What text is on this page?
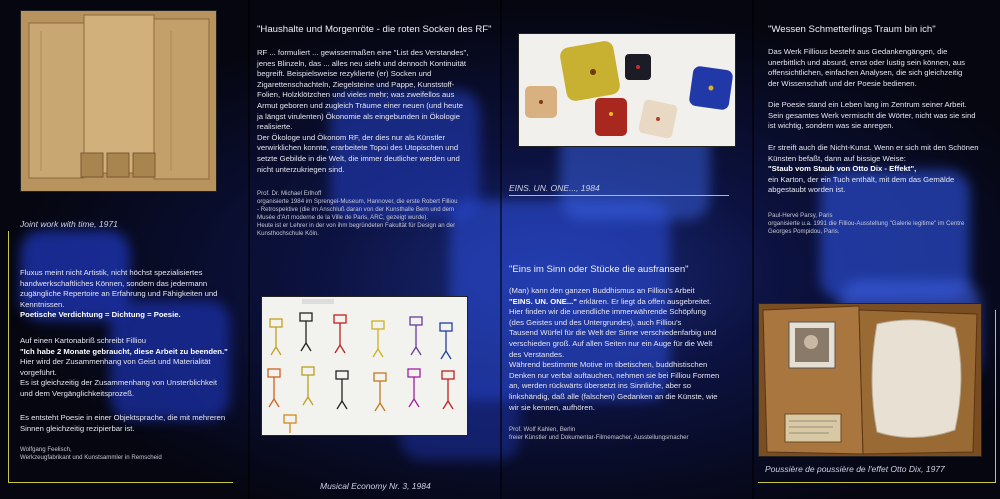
Joint work with time, 1971
Fluxus meint nicht Artistik, nicht höchst spezialisiertes
handwerkschaftliches Können, sondern das jedermann
zugängliche Repertoire an Erfahrung und Fähigkeiten und
Kenntnissen.
Poetische Verdichtung = Dichtung = Poesie.
Auf einen Kartonabriß schreibt Filliou
"Ich habe 2 Monate gebraucht, diese Arbeit zu beenden."
Hier wird der Zusammenhang von Geist und Materialität
vorgeführt.
Es ist gleichzeitig der Zusammenhang von Unsterblichkeit
und dem Vergänglichkeitsprozeß.
Es entsteht Poesie in einer Objektsprache, die mit mehreren
Sinnen gleichzeitig rezipierbar ist.
Wolfgang Feelisch,
Werkzeugfabrikant und Kunstsammler in Remscheid
"Haushalte und Morgenröte - die roten Socken des RF"
RF ... formuliert ... gewissermaßen eine "List des Verstandes",
jenes Blinzeln, das ... alles neu sieht und dennoch Kontinuität
begreift. Beispielsweise rezyklierte (er) Socken und
Zigarettenschachteln, Ziegelsteine und Pappe, Kunststoff-
Folien, Holzklötzchen und vieles mehr; was zweifellos aus
Armut geboren und zugleich Träume einer neuen (und heute
ja längst virulenten) Ökonomie als eingebunden in Ökologie
realisierte.
Der Ökologe und Ökonom RF, der dies nur als Künstler
verwirklichen konnte, erarbeitete Topoi des Utopischen und
setzte Gebilde in die Welt, die immer deutlicher werden und
nicht unterzukriegen sind.
Prof. Dr. Michael Erlhoff
organisierte 1984 im Sprengel-Museum, Hannover, die erste Robert Filliou
- Retrospektive (die im Anschluß daran von der Kunsthalle Bern und dem
Musée d'Art moderne de la Ville de Paris, ARC, gezeigt wurde).
Heute ist er Lehrer in der von ihm begründeten Fakultät für Design an der
Kunsthochschule Köln.
Musical Economy Nr. 3, 1984
EINS. UN. ONE..., 1984
"Eins im Sinn oder Stücke die ausfransen"
(Man) kann den ganzen Buddhismus an Filliou's Arbeit
"EINS. UN. ONE..." erklären. Er liegt da offen ausgebreitet.
Hier finden wir die unendliche immerwährende Schöpfung
(des Geistes und des Untergrundes), auch Filliou's
Tausend Würfel für die Welt der Sinne verschiedenfarbig und
verschieden groß. Auf allen Seiten nur ein Auge für die Welt
des Verstandes.
Während bestimmte Motive im tibetischen, buddhistischen
Denken nur verbal auftauchen, nehmen sie bei Filliou Formen
an, werden rückwärts übersetzt ins Sinnliche, aber so
linkshändig, daß alle (falschen) Gedanken an die Künste, wie
wir sie kennen, aufhören.
Prof. Wolf Kahlen, Berlin
freier Künstler und Dokumentar-Filmemacher, Ausstellungsmacher
"Wessen Schmetterlings Traum bin ich"
Das Werk Fillious besteht aus Gedankengängen, die
unerbittlich und absurd, ernst oder lustig sein können, aus
offensichtlichen, einfachen Analysen, die sich gleichzeitig
der Wissenschaft und der Poesie bedienen.
Die Poesie stand ein Leben lang im Zentrum seiner Arbeit.
Sein gesamtes Werk vermischt die Wörter, nicht was sie sind
ist wichtig, sondern was sie anregen.
Er streift auch die Nicht-Kunst. Wenn er sich mit den Schönen
Künsten befaßt, dann auf bissige Weise:
"Staub vom Staub von Otto Dix - Effekt",
ein Karton, der ein Tuch enthält, mit dem das Gemälde
abgestaubt worden ist.
Paul-Hervé Parsy, Paris
organisierte u.a. 1991 die Filliou-Ausstellung "Galerie legitime" im Centre
Georges Pompidou, Paris.
Poussière de poussière de l'effet Otto Dix, 1977
